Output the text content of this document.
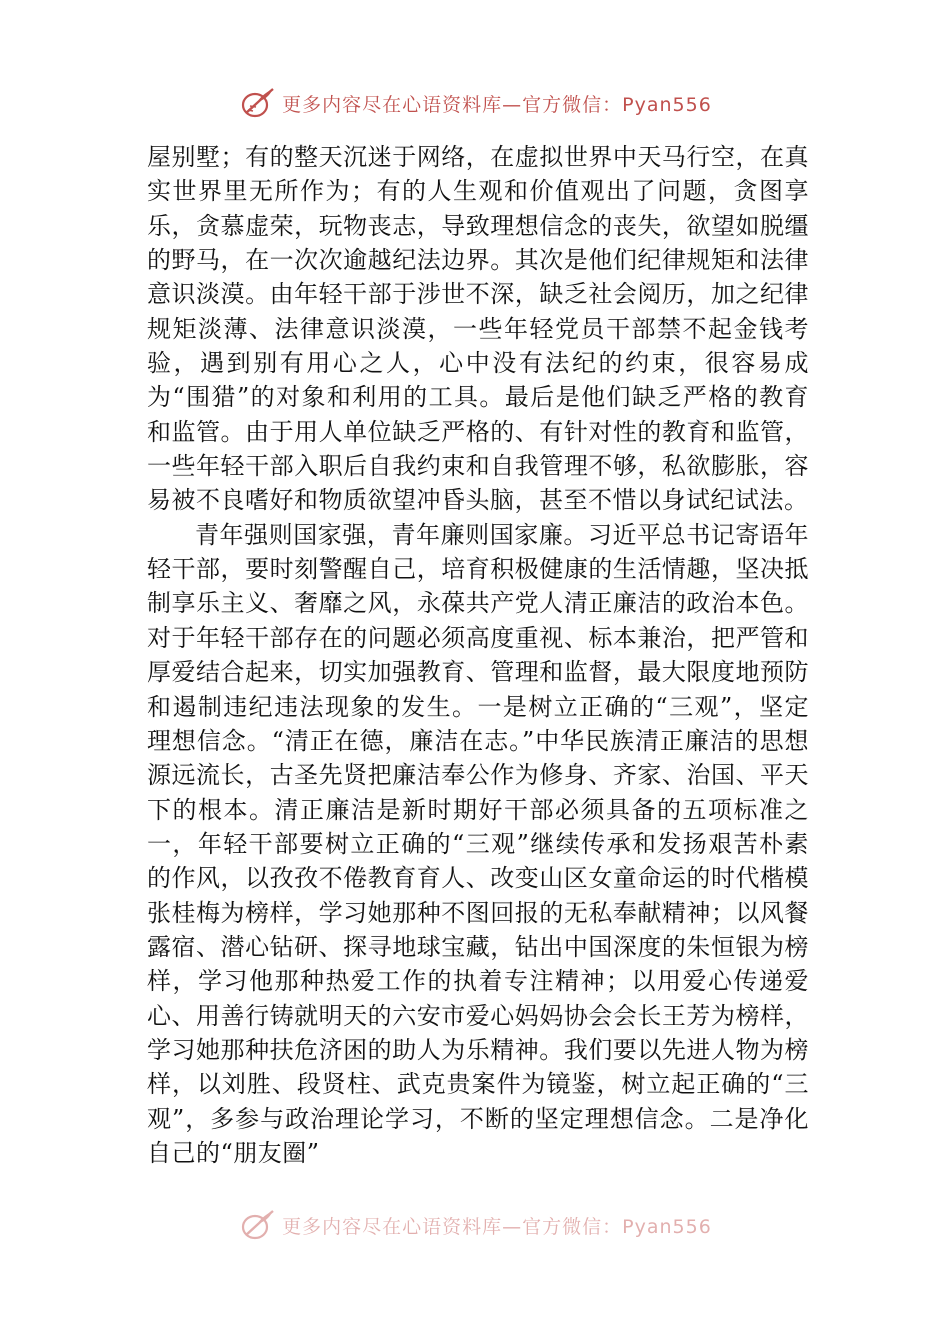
更多内容尽在心语资料库—官方微信：Pyan556

屋别墅；有的整天沉迷于网络，在虚拟世界中天马行空，在真实世界里无所作为；有的人生观和价值观出了问题，贪图享乐，贪慕虚荣，玩物丧志，导致理想信念的丧失，欲望如脱缰的野马，在一次次逾越纪法边界。其次是他们纪律规矩和法律意识淡漠。由年轻干部于涉世不深，缺乏社会阅历，加之纪律规矩淡薄、法律意识淡漠，一些年轻党员干部禁不起金钱考验，遇到别有用心之人，心中没有法纪的约束，很容易成为“围猎”的对象和利用的工具。最后是他们缺乏严格的教育和监管。由于用人单位缺乏严格的、有针对性的教育和监管，一些年轻干部入职后自我约束和自我管理不够，私欲膨胀，容易被不良嗜好和物质欲望冲昏头脑，甚至不惜以身试纪试法。

青年强则国家强，青年廉则国家廉。习近平总书记寄语年轻干部，要时刻警醒自己，培育积极健康的生活情趣，坚决抵制享乐主义、奢靡之风，永葆共产党人清正廉洁的政治本色。对于年轻干部存在的问题必须高度重视、标本兼治，把严管和厚爱结合起来，切实加强教育、管理和监督，最大限度地预防和遏制违纪违法现象的发生。一是树立正确的“三观”，坚定理想信念。“清正在德，廉洁在志。”中华民族清正廉洁的思想源远流长，古圣先贤把廉洁奉公作为修身、齐家、治国、平天下的根本。清正廉洁是新时期好干部必须具备的五项标准之一，年轻干部要树立正确的“三观”继续传承和发扬艰苦朴素的作风，以孜孜不倦教育育人、改变山区女童命运的时代楷模张桂梅为榜样，学习她那种不图回报的无私奉献精神；以风餐露宿、潜心钻研、探寻地球宝藏，钻出中国深度的朱恒银为榜样，学习他那种热爱工作的执着专注精神；以用爱心传递爱心、用善行铸就明天的六安市爱心妈妈协会会长王芳为榜样，学习她那种扶危济困的助人为乐精神。我们要以先进人物为榜样，以刘胜、段贤柱、武克贵案件为镜鉴，树立起正确的“三观”，多参与政治理论学习，不断的坚定理想信念。二是净化自己的“朋友圈”

更多内容尽在心语资料库—官方微信：Pyan556
